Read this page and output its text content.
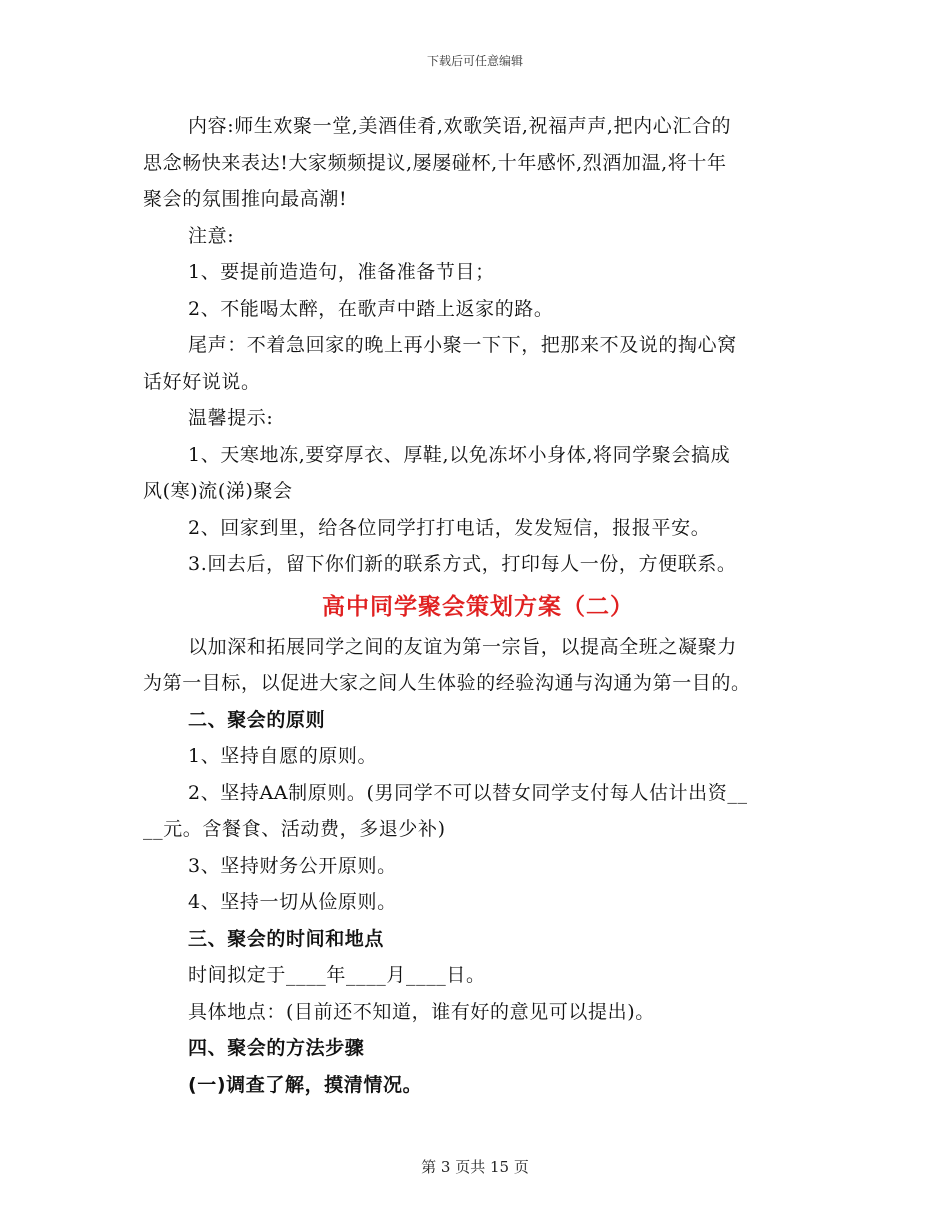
下载后可任意编辑
内容:师生欢聚一堂,美酒佳肴,欢歌笑语,祝福声声,把内心汇合的
思念畅快来表达!大家频频提议,屡屡碰杯,十年感怀,烈酒加温,将十年
聚会的氛围推向最高潮!
注意:
1、要提前造造句，准备准备节目；
2、不能喝太醉，在歌声中踏上返家的路。
尾声：不着急回家的晚上再小聚一下下，把那来不及说的掏心窝
话好好说说。
温馨提示:
1、天寒地冻,要穿厚衣、厚鞋,以免冻坏小身体,将同学聚会搞成
风(寒)流(涕)聚会
2、回家到里，给各位同学打打电话，发发短信，报报平安。
3.回去后，留下你们新的联系方式，打印每人一份，方便联系。
高中同学聚会策划方案（二）
以加深和拓展同学之间的友谊为第一宗旨，以提高全班之凝聚力
为第一目标，以促进大家之间人生体验的经验沟通与沟通为第一目的。
二、聚会的原则
1、坚持自愿的原则。
2、坚持AA制原则。(男同学不可以替女同学支付每人估计出资__
__元。含餐食、活动费，多退少补)
3、坚持财务公开原则。
4、坚持一切从俭原则。
三、聚会的时间和地点
时间拟定于____年____月____日。
具体地点：(目前还不知道，谁有好的意见可以提出)。
四、聚会的方法步骤
(一)调查了解，摸清情况。
第 3 页共 15 页
